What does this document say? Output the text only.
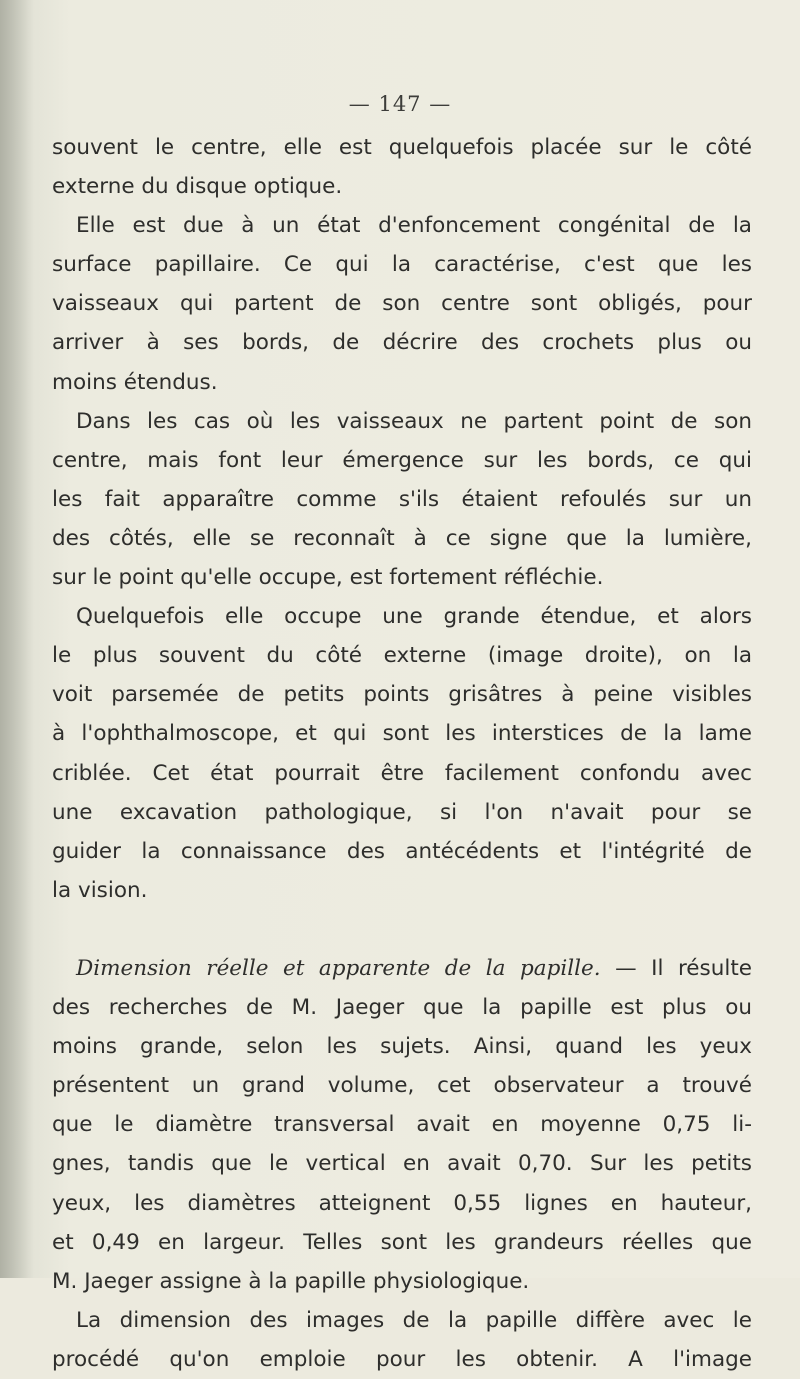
— 147 —
souvent le centre, elle est quelquefois placée sur le côté
externe du disque optique.
Elle est due à un état d'enfoncement congénital de la
surface papillaire. Ce qui la caractérise, c'est que les
vaisseaux qui partent de son centre sont obligés, pour
arriver à ses bords, de décrire des crochets plus ou
moins étendus.
Dans les cas où les vaisseaux ne partent point de son
centre, mais font leur émergence sur les bords, ce qui
les fait apparaître comme s'ils étaient refoulés sur un
des côtés, elle se reconnaît à ce signe que la lumière,
sur le point qu'elle occupe, est fortement réfléchie.
Quelquefois elle occupe une grande étendue, et alors
le plus souvent du côté externe (image droite), on la
voit parsemée de petits points grisâtres à peine visibles
à l'ophthalmoscope, et qui sont les interstices de la lame
criblée. Cet état pourrait être facilement confondu avec
une excavation pathologique, si l'on n'avait pour se
guider la connaissance des antécédents et l'intégrité de
la vision.
Dimension réelle et apparente de la papille. — Il résulte
des recherches de M. Jaeger que la papille est plus ou
moins grande, selon les sujets. Ainsi, quand les yeux
présentent un grand volume, cet observateur a trouvé
que le diamètre transversal avait en moyenne 0,75 li-
gnes, tandis que le vertical en avait 0,70. Sur les petits
yeux, les diamètres atteignent 0,55 lignes en hauteur,
et 0,49 en largeur. Telles sont les grandeurs réelles que
M. Jaeger assigne à la papille physiologique.
La dimension des images de la papille diffère avec le
procédé qu'on emploie pour les obtenir. A l'image
